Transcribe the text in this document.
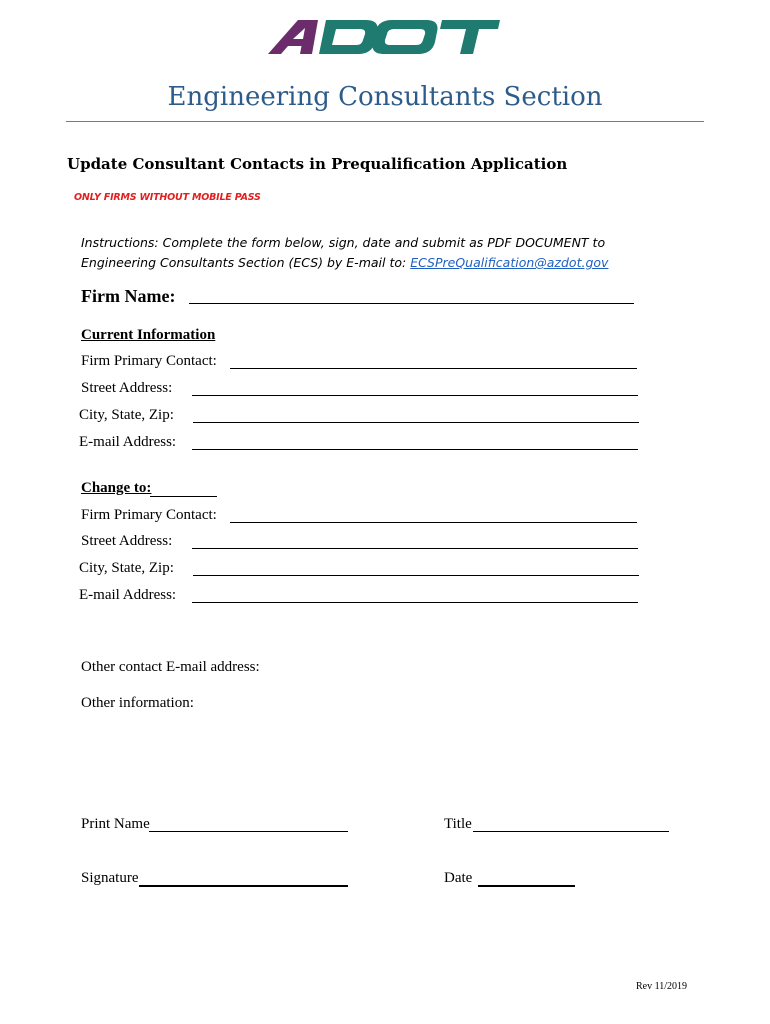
Engineering Consultants Section
Update Consultant Contacts in Prequalification Application
ONLY FIRMS WITHOUT MOBILE PASS
Instructions: Complete the form below, sign, date and submit as PDF DOCUMENT to Engineering Consultants Section (ECS) by E-mail to: ECSPreQualification@azdot.gov
Firm Name:
Current Information
Firm Primary Contact:
Street Address:
City, State, Zip:
E-mail Address:
Change to:
Firm Primary Contact:
Street Address:
City, State, Zip:
E-mail Address:
Other contact E-mail address:
Other information:
Print Name	Title
Signature	Date
Rev 11/2019
